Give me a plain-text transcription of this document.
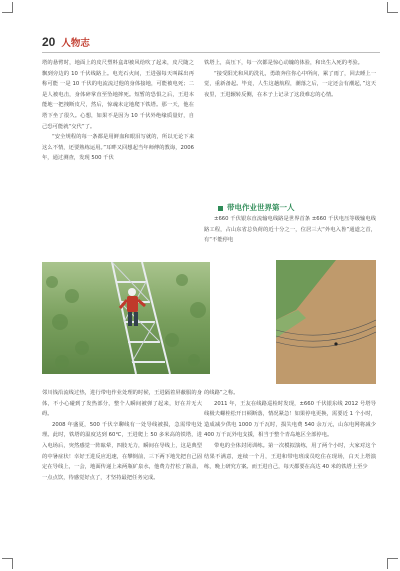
20 人物志

塔的悬臂时，地面上的皮尺塑料盒却被风给吹了起来，皮尺随之飘到旁边的 10 千伏线路上。电光石火间，王进强每天叫踩出再称可能 一是 10 千伏的电流流过他的身体接地，可能被电死；二是人被电击，身体碎掌直至坠地摔死。短暂的恐惧之后，王进本能地一把拽断皮尺，然后，惊魂未定地爬下铁塔。那一天，他在塔下坐了很久。心想，如果不是因为 10 千伏外绝缘质量好，自己恐可能就“交代”了。

“安全规程的每一条都是用鲜血和眼泪写就的，所以无论下来这么不情，还要熟练运用。”耳畔又回想起当年师傅的教诲，2006 年，通过测查，发现 500 千伏

铁塔上，高压下，每一次都是惊心动魄的体验，和出生入死的考验。

“接受阳光和风的洗礼，勇敢奔往你心中所向，累了雨了，回去睡上一觉，重新备起。毕竟，人生这趟航程，潮落之后，一定还会有潮起，”这天夜里，王进辗转反侧，在本子上记录了这段难忘的心情。

带电作业世界第一人

±660 千伏银东直流输电线路是世界首条 ±660 千伏电压等级输电线路工程，占山东省总负荷的近十分之一，位居三大“外电入鲁”通道之首，有“不能停电

邻川钱沿流线过热，进行带电作业处理的时候，王进隔着屏蔽服的身体，不小心碰到了发热部分，整个人瞬间被弹了起来，好在并无大碍。

2008 年盛夏，500 千伏辛聊线有一处导线被损，急需带电处理。此时，铁塔的温度达到 60℃，王进爬上 50 多米高的铁塔，进入电场后，突然感觉一阵眩晕，四肢无力，瞬间在导线上，这是典型的中暑症状！幸好王进反应迅速，在攀倒前，三下两下地先把自己固定在导线上，一会，地面传递上来两瓶矿泉水，他费力拧松了瓶盖，一点点饮，待感觉好点了，才坚持最把任务完成。

的线路”之称。

2011 年，王友在线路巡检时发现，±660 千伏银东线 2012 号塔导线极夫螺栓松开日顿断落，情况紧急！如果停电更换，需要近 1 个小时，造成减少供电 1000 万千瓦时，损失电费 540 余万元，山东电网将减少 400 万千瓦外电支援，相当于整个青岛地区全部停电。

带电的全体封闭训练。第一次模拟演练，用了两个小时，大家对这个结果不满意，连续一个月，王进和带电班成员吃住在现场，白天上塔演练，晚上研究方案。而王进自己，每天都要在高达 40 米的铁塔上至少
